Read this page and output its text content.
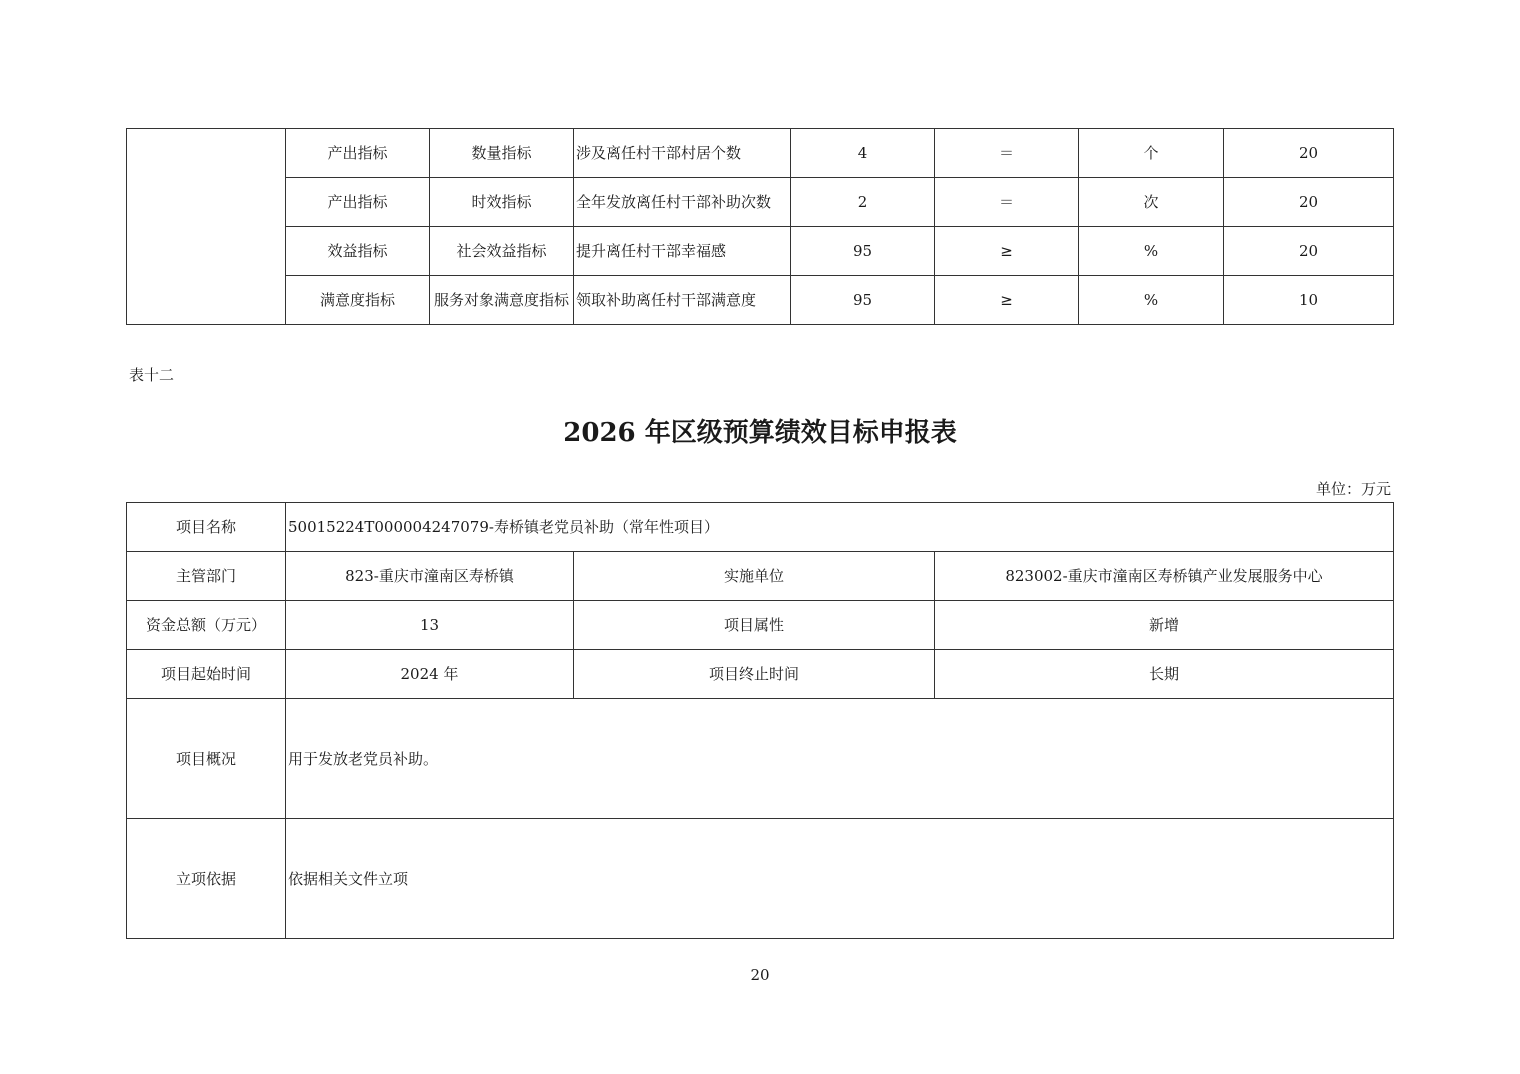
	产出指标	数量指标	涉及离任村干部村居个数	4	＝	个	20
	产出指标	时效指标	全年发放离任村干部补助次数	2	＝	次	20
	效益指标	社会效益指标	提升离任村干部幸福感	95	≥	%	20
	满意度指标	服务对象满意度指标	领取补助离任村干部满意度	95	≥	%	10
表十二
2026 年区级预算绩效目标申报表
单位：万元
项目名称	50015224T000004247079-寿桥镇老党员补助（常年性项目）		
主管部门	823-重庆市潼南区寿桥镇	实施单位	823002-重庆市潼南区寿桥镇产业发展服务中心
资金总额（万元）	13	项目属性	新增
项目起始时间	2024 年	项目终止时间	长期
项目概况	用于发放老党员补助。		
立项依据	依据相关文件立项		
20
